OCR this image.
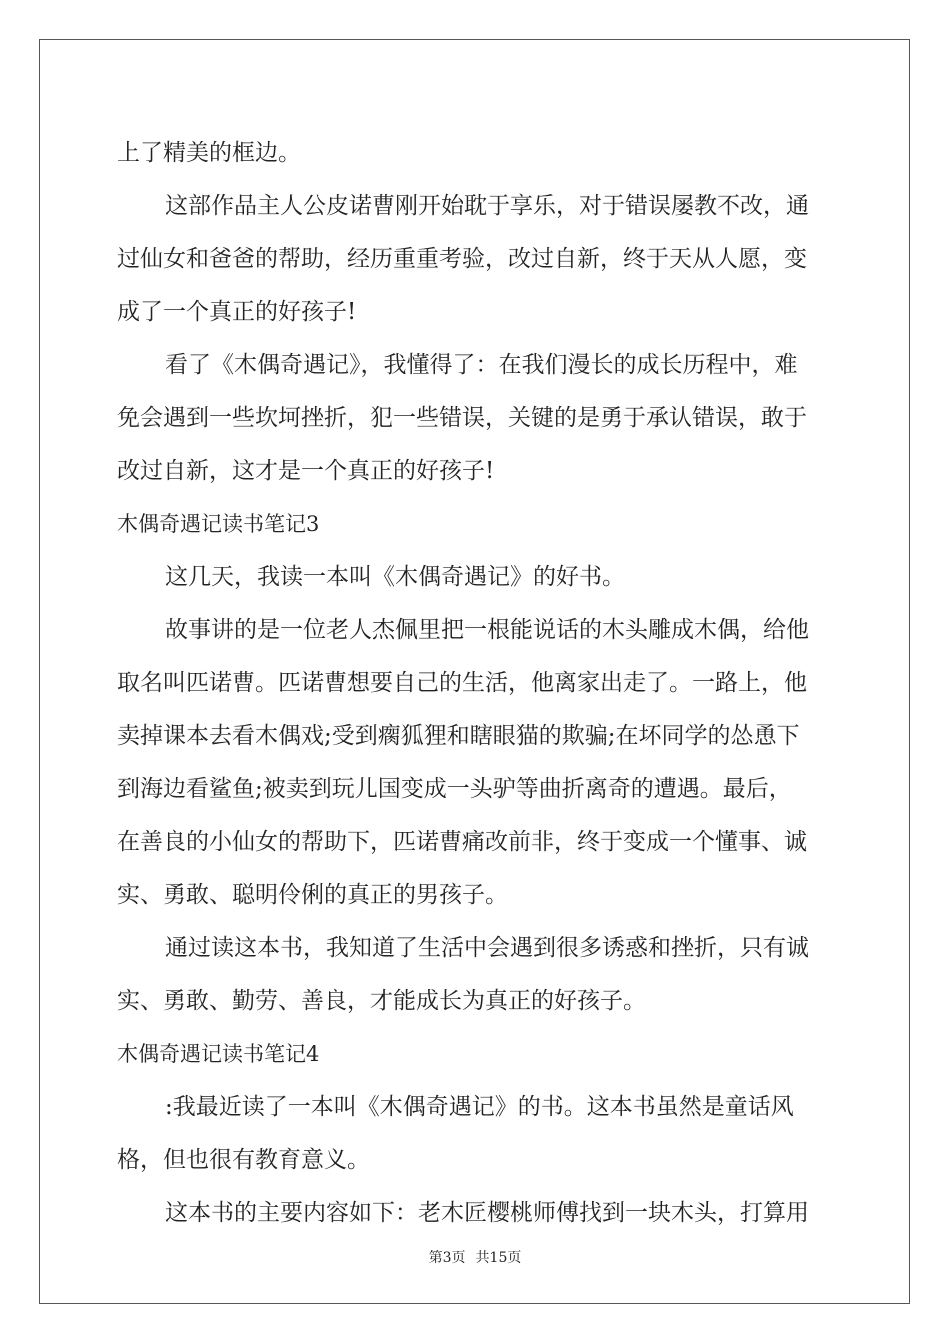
上了精美的框边。

这部作品主人公皮诺曹刚开始耽于享乐，对于错误屡教不改，通

过仙女和爸爸的帮助，经历重重考验，改过自新，终于天从人愿，变

成了一个真正的好孩子!

看了《木偶奇遇记》，我懂得了：在我们漫长的成长历程中，难

免会遇到一些坎坷挫折，犯一些错误，关键的是勇于承认错误，敢于

改过自新，这才是一个真正的好孩子!

木偶奇遇记读书笔记3

这几天，我读一本叫《木偶奇遇记》的好书。

故事讲的是一位老人杰佩里把一根能说话的木头雕成木偶，给他

取名叫匹诺曹。匹诺曹想要自己的生活，他离家出走了。一路上，他

卖掉课本去看木偶戏;受到瘸狐狸和瞎眼猫的欺骗;在坏同学的怂恿下

到海边看鲨鱼;被卖到玩儿国变成一头驴等曲折离奇的遭遇。最后，

在善良的小仙女的帮助下，匹诺曹痛改前非，终于变成一个懂事、诚

实、勇敢、聪明伶俐的真正的男孩子。

通过读这本书，我知道了生活中会遇到很多诱惑和挫折，只有诚

实、勇敢、勤劳、善良，才能成长为真正的好孩子。

木偶奇遇记读书笔记4

:我最近读了一本叫《木偶奇遇记》的书。这本书虽然是童话风

格，但也很有教育意义。

这本书的主要内容如下：老木匠樱桃师傅找到一块木头，打算用

第3页 共15页
